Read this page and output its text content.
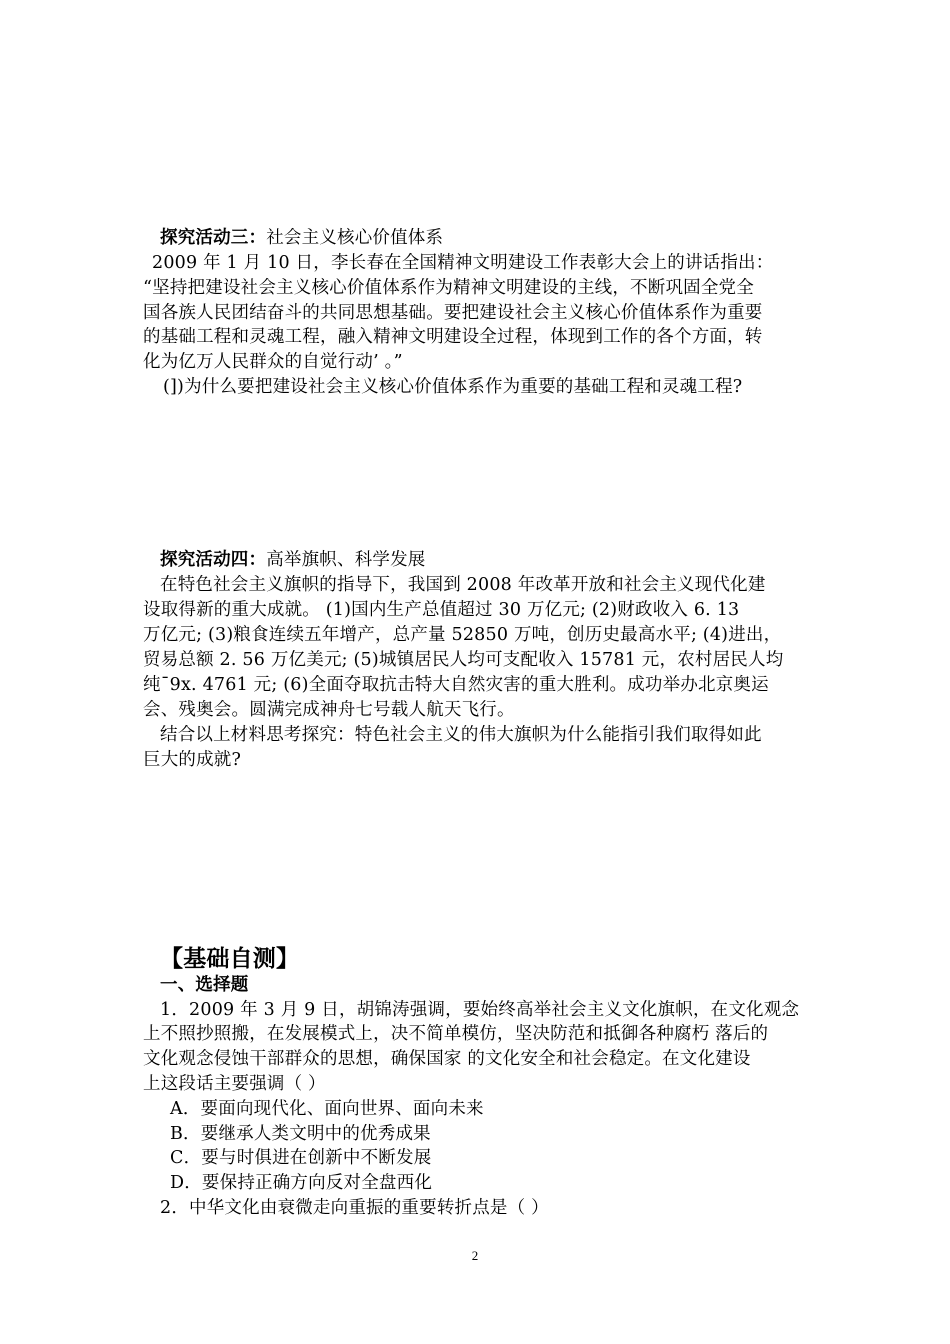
探究活动三：社会主义核心价值体系
2009 年 1 月 10 日，李长春在全国精神文明建设工作表彰大会上的讲话指出：
“坚持把建设社会主义核心价值体系作为精神文明建设的主线，不断巩固全党全
国各族人民团结奋斗的共同思想基础。要把建设社会主义核心价值体系作为重要
的基础工程和灵魂工程，融入精神文明建设全过程，体现到工作的各个方面，转
化为亿万人民群众的自觉行动’ 。”
(])为什么要把建设社会主义核心价值体系作为重要的基础工程和灵魂工程?
探究活动四：高举旗帜、科学发展
在特色社会主义旗帜的指导下，我国到 2008 年改革开放和社会主义现代化建
设取得新的重大成就。 (1)国内生产总值超过 30 万亿元; (2)财政收入 6. 13
万亿元; (3)粮食连续五年增产，总产量 52850 万吨，创历史最高水平; (4)进出，
贸易总额 2. 56 万亿美元; (5)城镇居民人均可支配收入 15781 元，农村居民人均
纯¯9x. 4761 元; (6)全面夺取抗击特大自然灾害的重大胜利。成功举办北京奥运
会、残奥会。圆满完成神舟七号载人航天飞行。
结合以上材料思考探究：特色社会主义的伟大旗帜为什么能指引我们取得如此
巨大的成就?
【基础自测】
一、选择题
1．2009 年 3 月 9 日，胡锦涛强调，要始终高举社会主义文化旗帜，在文化观念
上不照抄照搬，在发展模式上，决不简单模仿，坚决防范和抵御各种腐朽 落后的
文化观念侵蚀干部群众的思想，确保国家 的文化安全和社会稳定。在文化建设
上这段话主要强调（ ）
A．要面向现代化、面向世界、面向未来
B．要继承人类文明中的优秀成果
C．要与时俱进在创新中不断发展
D．要保持正确方向反对全盘西化
2．中华文化由衰微走向重振的重要转折点是（ ）
2
